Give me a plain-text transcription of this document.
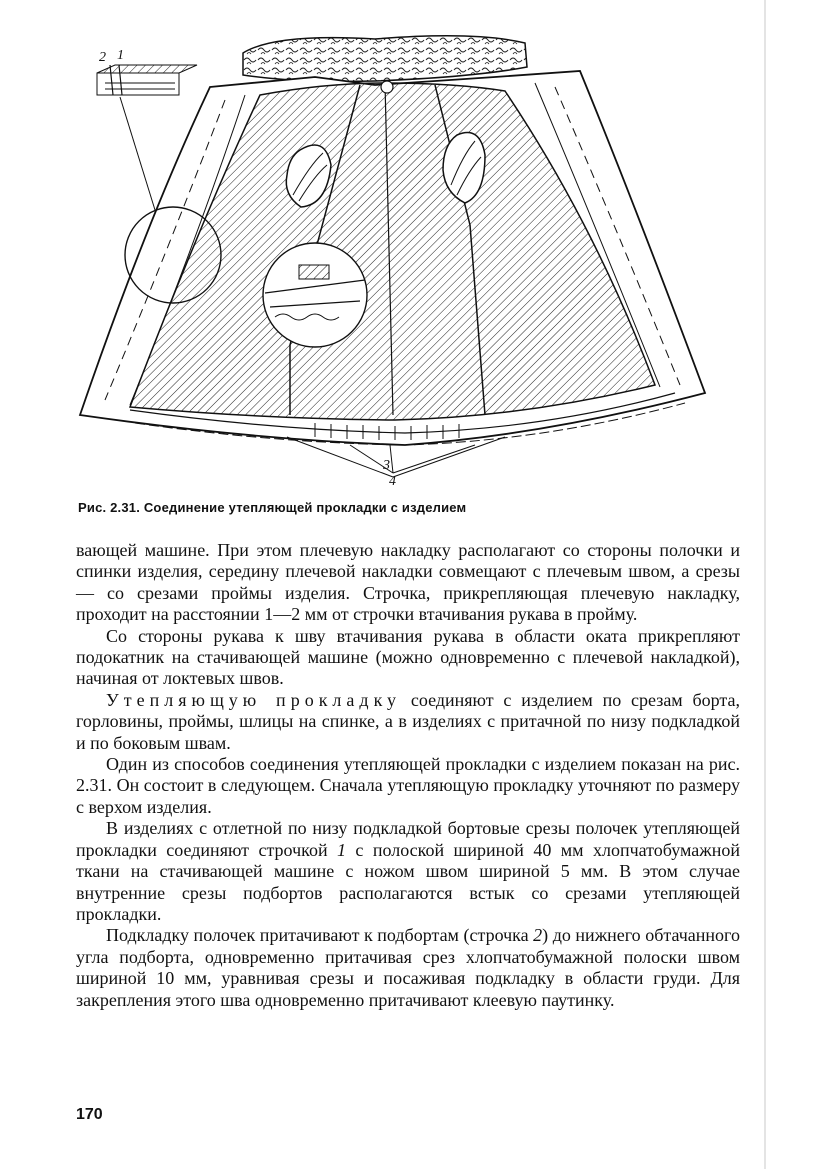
2 1
3
4
Рис. 2.31. Соединение утепляющей прокладки с изделием

вающей машине. При этом плечевую накладку располагают со стороны полочки и спинки изделия, середину плечевой накладки совмещают с плечевым швом, а срезы — со срезами проймы изделия. Строчка, прикрепляющая плечевую накладку, проходит на расстоянии 1—2 мм от строчки втачивания рукава в пройму.

Со стороны рукава к шву втачивания рукава в области оката прикрепляют подокатник на стачивающей машине (можно одновременно с плечевой накладкой), начиная от локтевых швов.

Утепляющую прокладку соединяют с изделием по срезам борта, горловины, проймы, шлицы на спинке, а в изделиях с притачной по низу подкладкой и по боковым швам.

Один из способов соединения утепляющей прокладки с изделием показан на рис. 2.31. Он состоит в следующем. Сначала утепляющую прокладку уточняют по размеру с верхом изделия.

В изделиях с отлетной по низу подкладкой бортовые срезы полочек утепляющей прокладки соединяют строчкой 1 с полоской шириной 40 мм хлопчатобумажной ткани на стачивающей машине с ножом швом шириной 5 мм. В этом случае внутренние срезы подбортов располагаются встык со срезами утепляющей прокладки.

Подкладку полочек притачивают к подбортам (строчка 2) до нижнего обтачанного угла подборта, одновременно притачивая срез хлопчатобумажной полоски швом шириной 10 мм, уравнивая срезы и посаживая подкладку в области груди. Для закрепления этого шва одновременно притачивают клеевую паутинку.

170
